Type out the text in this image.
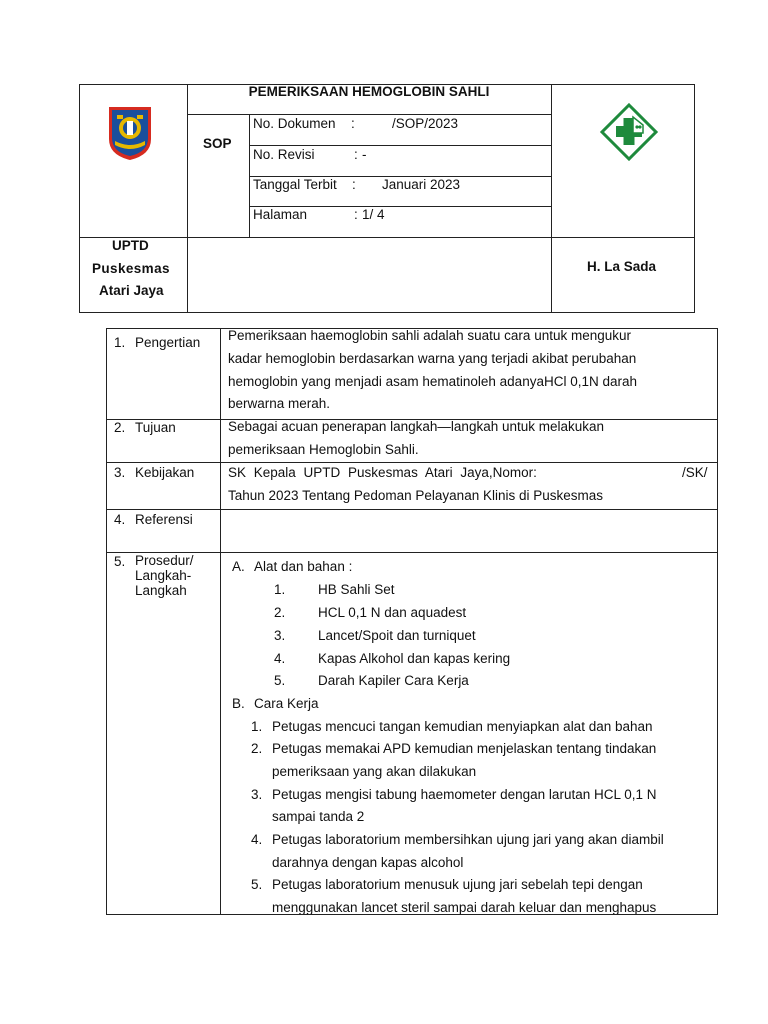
PEMERIKSAAN HEMOGLOBIN SAHLI
SOP
No. Dokumen :	/SOP/2023
No. Revisi	: -
Tanggal Terbit : Januari 2023
Halaman	: 1/ 4
UPTD
Puskesmas
Atari Jaya
H. La Sada
1. Pengertian Pemeriksaan haemoglobin sahli adalah suatu cara untuk mengukur
kadar hemoglobin berdasarkan warna yang terjadi akibat perubahan
hemoglobin yang menjadi asam hematinoleh adanyaHCl 0,1N darah
berwarna merah.
2. Tujuan	Sebagai acuan penerapan langkah—langkah untuk melakukan
pemeriksaan Hemoglobin Sahli.
3. Kebijakan SK Kepala UPTD Puskesmas Atari Jaya,Nomor:	/SK/
Tahun 2023 Tentang Pedoman Pelayanan Klinis di Puskesmas
4. Referensi
5. Prosedur/
Langkah-
Langkah
A. Alat dan bahan :
1. HB Sahli Set
2. HCL 0,1 N dan aquadest
3. Lancet/Spoit dan turniquet
4. Kapas Alkohol dan kapas kering
5. Darah Kapiler Cara Kerja
B. Cara Kerja
1. Petugas mencuci tangan kemudian menyiapkan alat dan bahan
2. Petugas memakai APD kemudian menjelaskan tentang tindakan
pemeriksaan yang akan dilakukan
3. Petugas mengisi tabung haemometer dengan larutan HCL 0,1 N
sampai tanda 2
4. Petugas laboratorium membersihkan ujung jari yang akan diambil
darahnya dengan kapas alcohol
5. Petugas laboratorium menusuk ujung jari sebelah tepi dengan
menggunakan lancet steril sampai darah keluar dan menghapus
